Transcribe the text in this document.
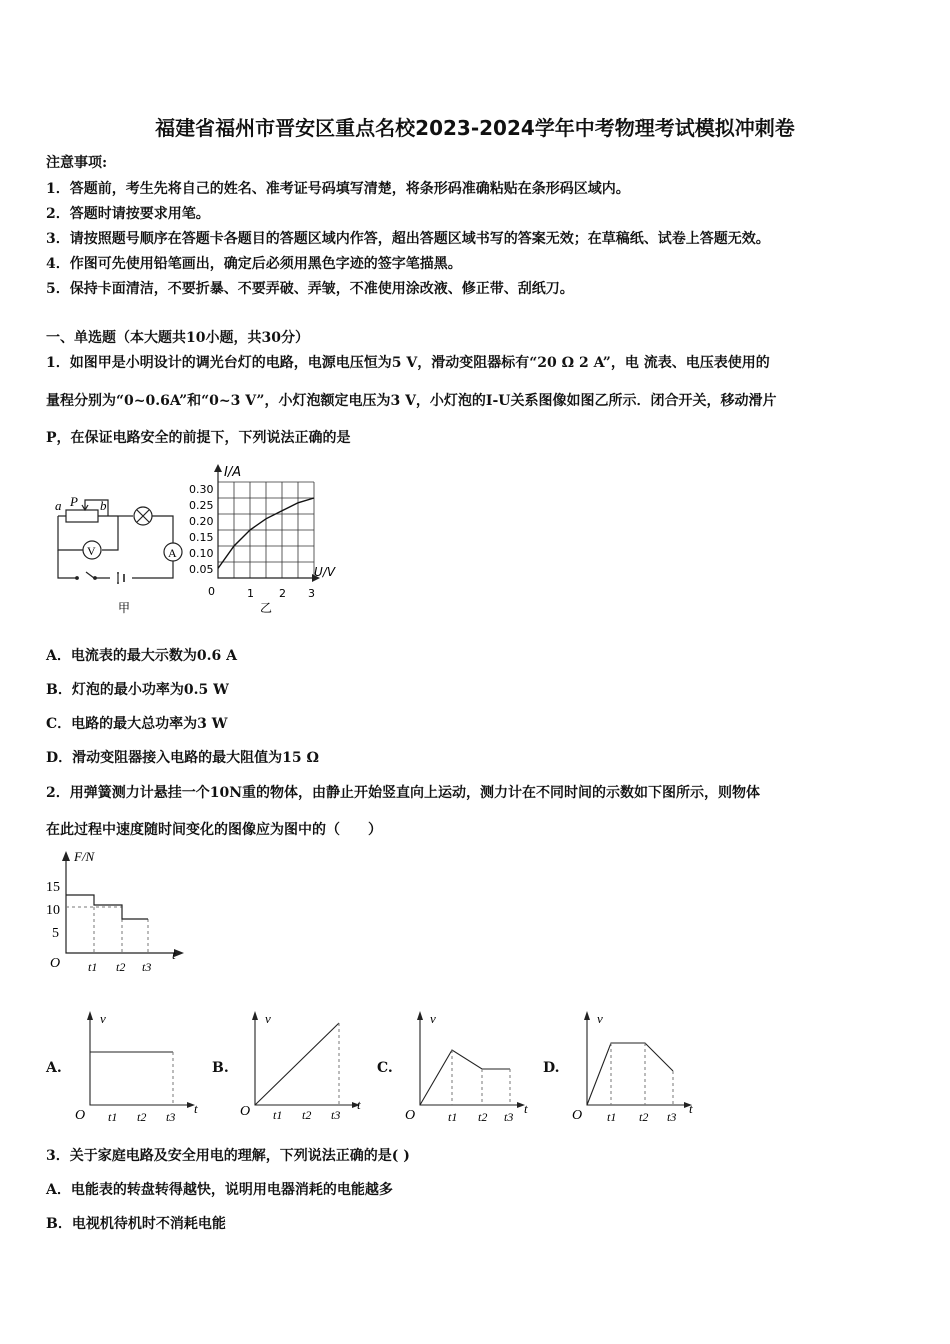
福建省福州市晋安区重点名校2023-2024学年中考物理考试模拟冲刺卷
注意事项:
1．答题前，考生先将自己的姓名、准考证号码填写清楚，将条形码准确粘贴在条形码区域内。
2．答题时请按要求用笔。
3．请按照题号顺序在答题卡各题目的答题区域内作答，超出答题区域书写的答案无效；在草稿纸、试卷上答题无效。
4．作图可先使用铅笔画出，确定后必须用黑色字迹的签字笔描黑。
5．保持卡面清洁，不要折暴、不要弄破、弄皱，不准使用涂改液、修正带、刮纸刀。
一、单选题（本大题共10小题，共30分）
1．如图甲是小明设计的调光台灯的电路，电源电压恒为5 V，滑动变阻器标有“20 Ω 2 A”，电 流表、电压表使用的
量程分别为“0~0.6A”和“0~3 V”，小灯泡额定电压为3 V，小灯泡的I-U关系图像如图乙所示．闭合开关，移动滑片
P，在保证电路安全的前提下，下列说法正确的是
a P b
V	A
甲
I/A
U/V
0.30
0.25
0.20
0.15
0.10
0.05
0	1 2 3
乙
A．电流表的最大示数为0.6 A
B．灯泡的最小功率为0.5 W
C．电路的最大总功率为3 W
D．滑动变阻器接入电路的最大阻值为15 Ω
2．用弹簧测力计悬挂一个10N重的物体，由静止开始竖直向上运动，测力计在不同时间的示数如下图所示，则物体
在此过程中速度随时间变化的图像应为图中的（　　）
F/N
t
15
10
5
O t1 t2 t3
A.	B.	C.	D.
v
t
O t1 t2 t3
v
t
O t1 t2 t3
v
t
O	t1 t2 t3
v
t
O t1 t2 t3
3．关于家庭电路及安全用电的理解，下列说法正确的是( )
A．电能表的转盘转得越快，说明用电器消耗的电能越多
B．电视机待机时不消耗电能
